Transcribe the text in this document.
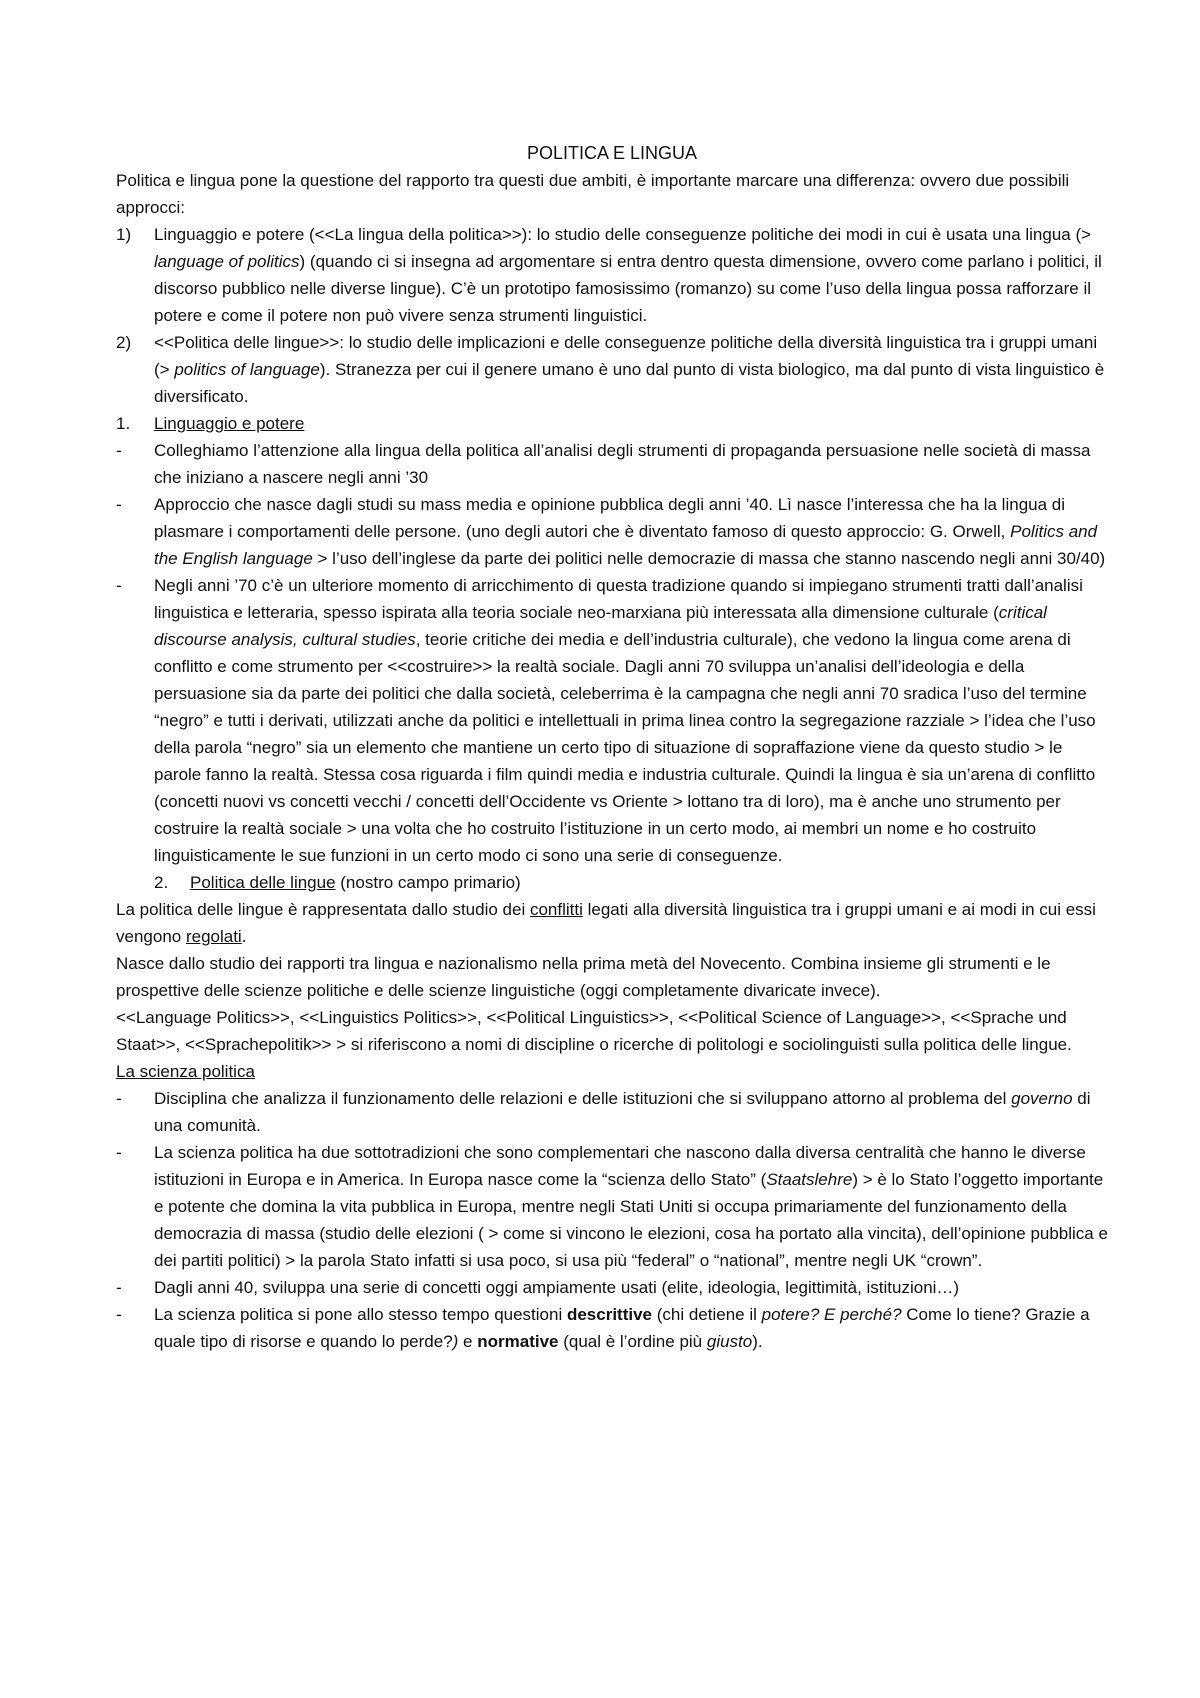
POLITICA E LINGUA

Politica e lingua pone la questione del rapporto tra questi due ambiti, è importante marcare una differenza: ovvero due possibili approcci:

1) Linguaggio e potere (<<La lingua della politica>>): lo studio delle conseguenze politiche dei modi in cui è usata una lingua (> language of politics) (quando ci si insegna ad argomentare si entra dentro questa dimensione, ovvero come parlano i politici, il discorso pubblico nelle diverse lingue). C’è un prototipo famosissimo (romanzo) su come l’uso della lingua possa rafforzare il potere e come il potere non può vivere senza strumenti linguistici.
2) <<Politica delle lingue>>: lo studio delle implicazioni e delle conseguenze politiche della diversità linguistica tra i gruppi umani (> politics of language). Stranezza per cui il genere umano è uno dal punto di vista biologico, ma dal punto di vista linguistico è diversificato.
1. Linguaggio e potere
- Colleghiamo l’attenzione alla lingua della politica all’analisi degli strumenti di propaganda persuasione nelle società di massa che iniziano a nascere negli anni ’30
- Approccio che nasce dagli studi su mass media e opinione pubblica degli anni ’40. Lì nasce l’interessa che ha la lingua di plasmare i comportamenti delle persone. (uno degli autori che è diventato famoso di questo approccio: G. Orwell, Politics and the English language > l’uso dell’inglese da parte dei politici nelle democrazie di massa che stanno nascendo negli anni 30/40)
- Negli anni ’70 c’è un ulteriore momento di arricchimento di questa tradizione quando si impiegano strumenti tratti dall’analisi linguistica e letteraria, spesso ispirata alla teoria sociale neo-marxiana più interessata alla dimensione culturale (critical discourse analysis, cultural studies, teorie critiche dei media e dell’industria culturale), che vedono la lingua come arena di conflitto e come strumento per <<costruire>> la realtà sociale. Dagli anni 70 sviluppa un’analisi dell’ideologia e della persuasione sia da parte dei politici che dalla società, celeberrima è la campagna che negli anni 70 sradica l’uso del termine “negro” e tutti i derivati, utilizzati anche da politici e intellettuali in prima linea contro la segregazione razziale > l’idea che l’uso della parola “negro” sia un elemento che mantiene un certo tipo di situazione di sopraffazione viene da questo studio > le parole fanno la realtà. Stessa cosa riguarda i film quindi media e industria culturale. Quindi la lingua è sia un’arena di conflitto (concetti nuovi vs concetti vecchi / concetti dell’Occidente vs Oriente > lottano tra di loro), ma è anche uno strumento per costruire la realtà sociale > una volta che ho costruito l’istituzione in un certo modo, ai membri un nome e ho costruito linguisticamente le sue funzioni in un certo modo ci sono una serie di conseguenze.
2. Politica delle lingue (nostro campo primario)

La politica delle lingue è rappresentata dallo studio dei conflitti legati alla diversità linguistica tra i gruppi umani e ai modi in cui essi vengono regolati.

Nasce dallo studio dei rapporti tra lingua e nazionalismo nella prima metà del Novecento. Combina insieme gli strumenti e le prospettive delle scienze politiche e delle scienze linguistiche (oggi completamente divaricate invece).

<<Language Politics>>, <<Linguistics Politics>>, <<Political Linguistics>>, <<Political Science of Language>>, <<Sprache und Staat>>, <<Sprachepolitik>> > si riferiscono a nomi di discipline o ricerche di politologi e sociolinguisti sulla politica delle lingue.

La scienza politica

- Disciplina che analizza il funzionamento delle relazioni e delle istituzioni che si sviluppano attorno al problema del governo di una comunità.
- La scienza politica ha due sottotradizioni che sono complementari che nascono dalla diversa centralità che hanno le diverse istituzioni in Europa e in America. In Europa nasce come la “scienza dello Stato” (Staatslehre) > è lo Stato l’oggetto importante e potente che domina la vita pubblica in Europa, mentre negli Stati Uniti si occupa primariamente del funzionamento della democrazia di massa (studio delle elezioni ( > come si vincono le elezioni, cosa ha portato alla vincita), dell’opinione pubblica e dei partiti politici) > la parola Stato infatti si usa poco, si usa più “federal” o “national”, mentre negli UK “crown”.
- Dagli anni 40, sviluppa una serie di concetti oggi ampiamente usati (elite, ideologia, legittimità, istituzioni…)
- La scienza politica si pone allo stesso tempo questioni descrittive (chi detiene il potere? E perché? Come lo tiene? Grazie a quale tipo di risorse e quando lo perde?) e normative (qual è l’ordine più giusto).
